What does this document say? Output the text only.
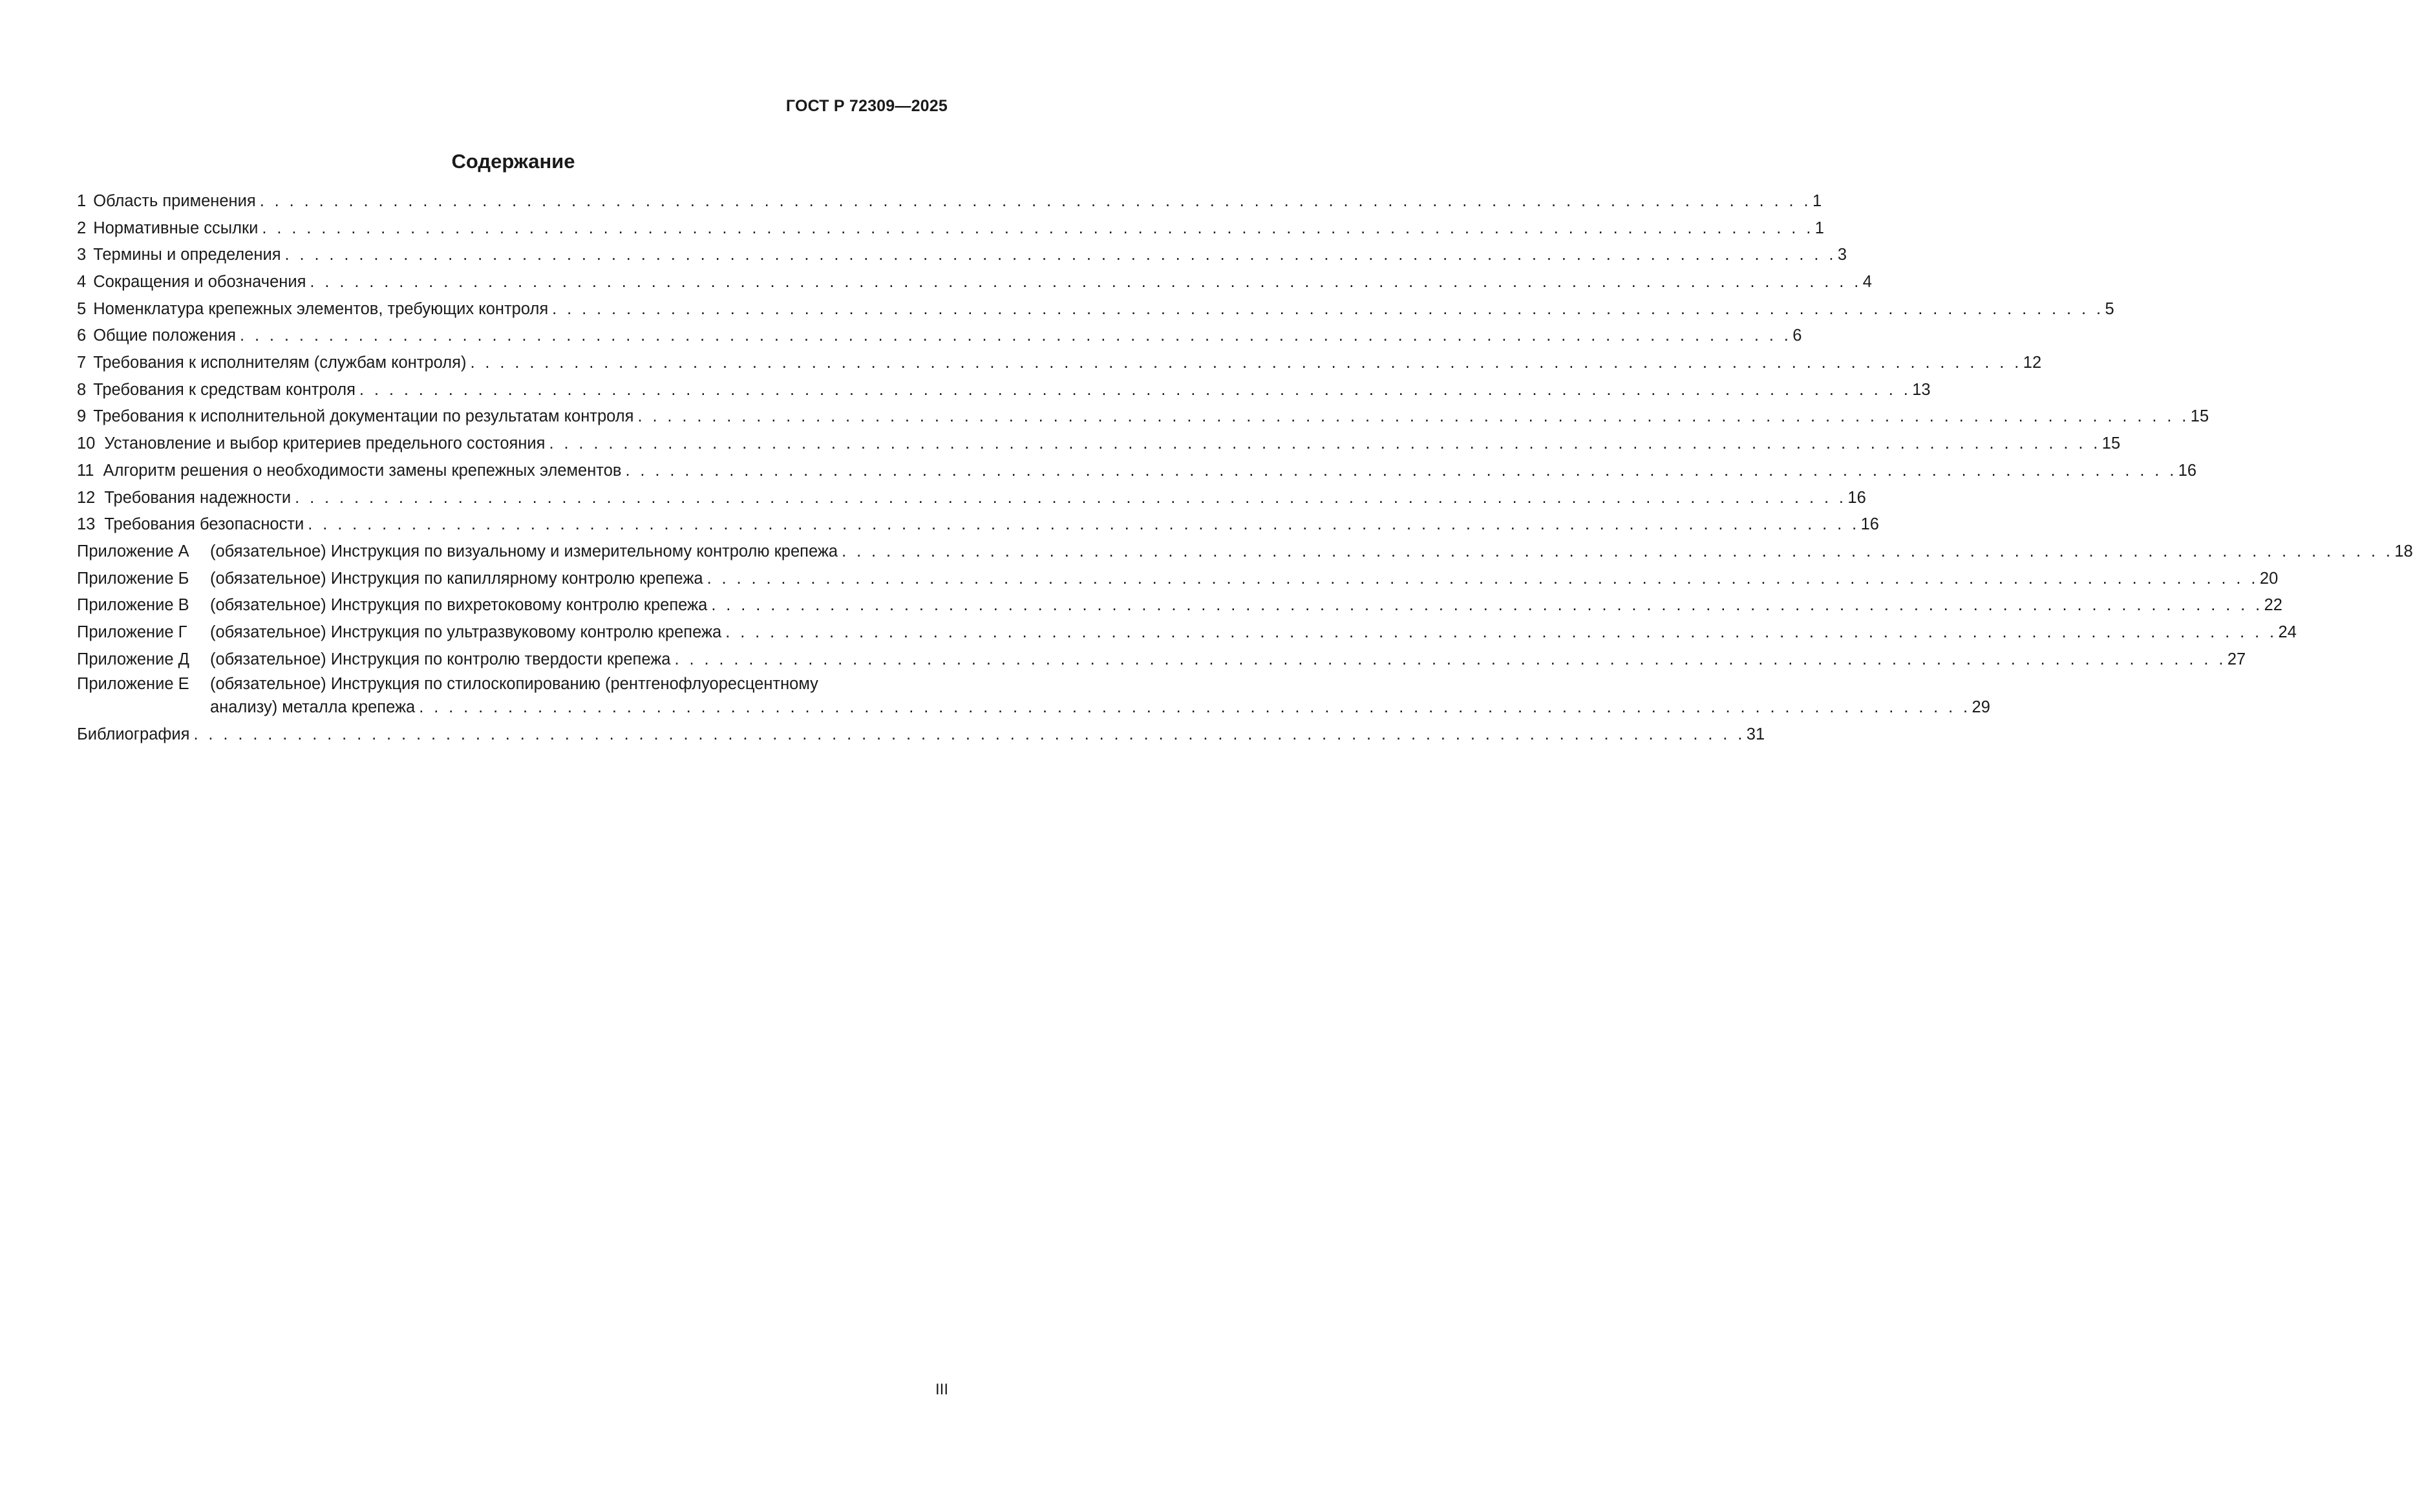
ГОСТ Р 72309—2025
Содержание
1 Область применения . . . . . . . . . . . . . . . . . . . . . . . . . . . . . . . . . . . . . . . . . . . . . . . . . . . . . . . . . . . . . . . . . . . . . . . . . . . . . . . . . . . . . . . . . . . . . . . . . . . . . . . . . 1
2 Нормативные ссылки . . . . . . . . . . . . . . . . . . . . . . . . . . . . . . . . . . . . . . . . . . . . . . . . . . . . . . . . . . . . . . . . . . . . . . . . . . . . . . . . . . . . . . . . . . . . . . . . . . . . . . . . . 1
3 Термины и определения . . . . . . . . . . . . . . . . . . . . . . . . . . . . . . . . . . . . . . . . . . . . . . . . . . . . . . . . . . . . . . . . . . . . . . . . . . . . . . . . . . . . . . . . . . . . . . . . . . . . . . . . . 3
4 Сокращения и обозначения . . . . . . . . . . . . . . . . . . . . . . . . . . . . . . . . . . . . . . . . . . . . . . . . . . . . . . . . . . . . . . . . . . . . . . . . . . . . . . . . . . . . . . . . . . . . . . . . . . . . . . . . . 4
5 Номенклатура крепежных элементов, требующих контроля . . . . . . . . . . . . . . . . . . . . . . . . . . . . . . . . . . . . . . . . . . . . . . . . . . . . . . . . . . . . . . . . . . . . . . . . . . . . . . . . . . . . . . . . . . . . . . . . . . . . . . . . . 5
6 Общие положения . . . . . . . . . . . . . . . . . . . . . . . . . . . . . . . . . . . . . . . . . . . . . . . . . . . . . . . . . . . . . . . . . . . . . . . . . . . . . . . . . . . . . . . . . . . . . . . . . . . . . . . . . 6
7 Требования к исполнителям (службам контроля) . . . . . . . . . . . . . . . . . . . . . . . . . . . . . . . . . . . . . . . . . . . . . . . . . . . . . . . . . . . . . . . . . . . . . . . . . . . . . . . . . . . . . . . . . . . . . . . . . . . . . . . . . 12
8 Требования к средствам контроля . . . . . . . . . . . . . . . . . . . . . . . . . . . . . . . . . . . . . . . . . . . . . . . . . . . . . . . . . . . . . . . . . . . . . . . . . . . . . . . . . . . . . . . . . . . . . . . . . . . . . . . . . 13
9 Требования к исполнительной документации по результатам контроля . . . . . . . . . . . . . . . . . . . . . . . . . . . . . . . . . . . . . . . . . . . . . . . . . . . . . . . . . . . . . . . . . . . . . . . . . . . . . . . . . . . . . . . . . . . . . . . . . . . . . . . . . 15
10 Установление и выбор критериев предельного состояния . . . . . . . . . . . . . . . . . . . . . . . . . . . . . . . . . . . . . . . . . . . . . . . . . . . . . . . . . . . . . . . . . . . . . . . . . . . . . . . . . . . . . . . . . . . . . . . . . . . . . . . . . 15
11 Алгоритм решения о необходимости замены крепежных элементов . . . . . . . . . . . . . . . . . . . . . . . . . . . . . . . . . . . . . . . . . . . . . . . . . . . . . . . . . . . . . . . . . . . . . . . . . . . . . . . . . . . . . . . . . . . . . . . . . . . . . . . . . 16
12 Требования надежности . . . . . . . . . . . . . . . . . . . . . . . . . . . . . . . . . . . . . . . . . . . . . . . . . . . . . . . . . . . . . . . . . . . . . . . . . . . . . . . . . . . . . . . . . . . . . . . . . . . . . . . . . 16
13 Требования безопасности . . . . . . . . . . . . . . . . . . . . . . . . . . . . . . . . . . . . . . . . . . . . . . . . . . . . . . . . . . . . . . . . . . . . . . . . . . . . . . . . . . . . . . . . . . . . . . . . . . . . . . . . . 16
Приложение А (обязательное) Инструкция по визуальному и измерительному контролю крепежа . . . . . . . . . . . . . . . . . . . . . . . . . . . . . . . . . . . . . . . . . . . . . . . . . . . . . . . . . . . . . . . . . . . . . . . . . . . . . . . . . . . . . . . . . . . . . . . . . . . . . . . . . 18
Приложение Б (обязательное) Инструкция по капиллярному контролю крепежа . . . . . . . . . . . . . . . . . . . . . . . . . . . . . . . . . . . . . . . . . . . . . . . . . . . . . . . . . . . . . . . . . . . . . . . . . . . . . . . . . . . . . . . . . . . . . . . . . . . . . . . . . 20
Приложение В (обязательное) Инструкция по вихретоковому контролю крепежа . . . . . . . . . . . . . . . . . . . . . . . . . . . . . . . . . . . . . . . . . . . . . . . . . . . . . . . . . . . . . . . . . . . . . . . . . . . . . . . . . . . . . . . . . . . . . . . . . . . . . . . . . 22
Приложение Г (обязательное) Инструкция по ультразвуковому контролю крепежа . . . . . . . . . . . . . . . . . . . . . . . . . . . . . . . . . . . . . . . . . . . . . . . . . . . . . . . . . . . . . . . . . . . . . . . . . . . . . . . . . . . . . . . . . . . . . . . . . . . . . . . . . 24
Приложение Д (обязательное) Инструкция по контролю твердости крепежа . . . . . . . . . . . . . . . . . . . . . . . . . . . . . . . . . . . . . . . . . . . . . . . . . . . . . . . . . . . . . . . . . . . . . . . . . . . . . . . . . . . . . . . . . . . . . . . . . . . . . . . . . 27
Приложение Е (обязательное) Инструкция по стилоскопированию (рентгенофлуоресцентному
анализу) металла крепежа . . . . . . . . . . . . . . . . . . . . . . . . . . . . . . . . . . . . . . . . . . . . . . . . . . . . . . . . . . . . . . . . . . . . . . . . . . . . . . . . . . . . . . . . . . . . . . . . . . . . . . . . . 29
Библиография . . . . . . . . . . . . . . . . . . . . . . . . . . . . . . . . . . . . . . . . . . . . . . . . . . . . . . . . . . . . . . . . . . . . . . . . . . . . . . . . . . . . . . . . . . . . . . . . . . . . . . . . . 31
III
